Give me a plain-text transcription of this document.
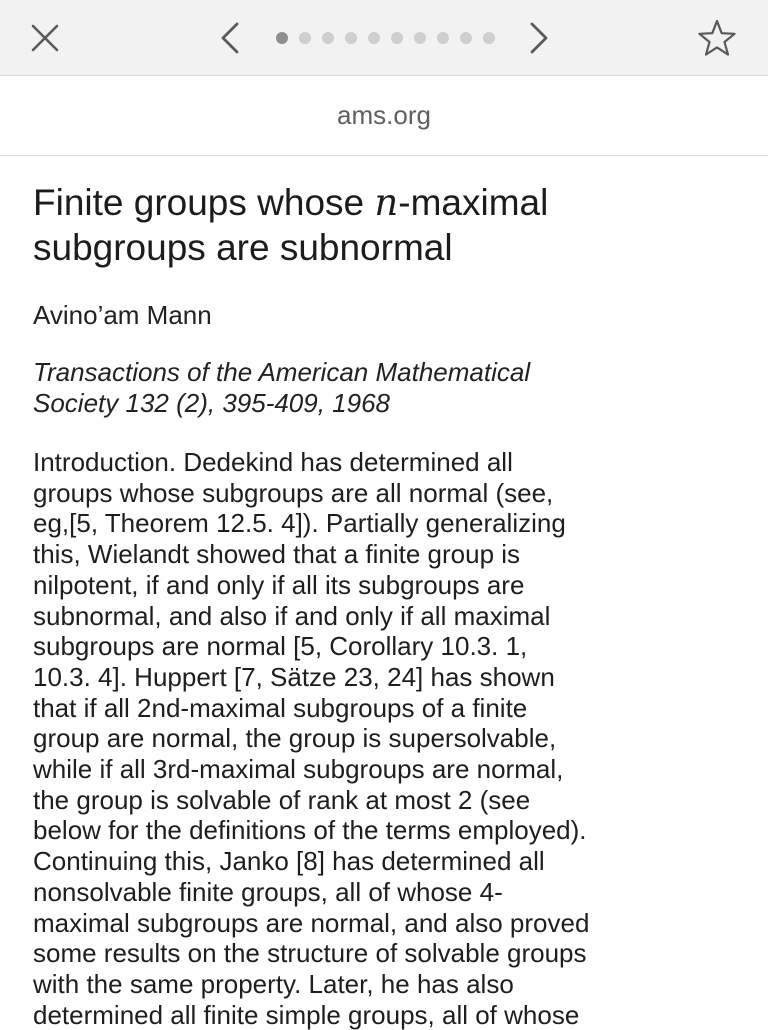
ams.org
Finite groups whose n-maximal
subgroups are subnormal
Avino’am Mann
Transactions of the American Mathematical
Society 132 (2), 395-409, 1968
Introduction. Dedekind has determined all
groups whose subgroups are all normal (see,
eg,[5, Theorem 12.5. 4]). Partially generalizing
this, Wielandt showed that a finite group is
nilpotent, if and only if all its subgroups are
subnormal, and also if and only if all maximal
subgroups are normal [5, Corollary 10.3. 1,
10.3. 4]. Huppert [7, Sätze 23, 24] has shown
that if all 2nd-maximal subgroups of a finite
group are normal, the group is supersolvable,
while if all 3rd-maximal subgroups are normal,
the group is solvable of rank at most 2 (see
below for the definitions of the terms employed).
Continuing this, Janko [8] has determined all
nonsolvable finite groups, all of whose 4-
maximal subgroups are normal, and also proved
some results on the structure of solvable groups
with the same property. Later, he has also
determined all finite simple groups, all of whose
